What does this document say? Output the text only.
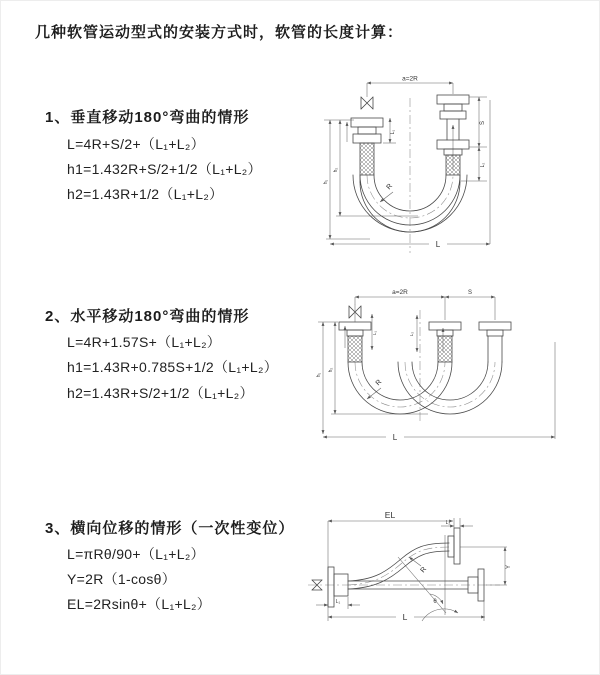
几种软管运动型式的安装方式时，软管的长度计算：
1、垂直移动180°弯曲的情形
L=4R+S/2+（L₁+L₂）
h1=1.432R+S/2+1/2（L₁+L₂）
h2=1.43R+1/2（L₁+L₂）
2、水平移动180°弯曲的情形
L=4R+1.57S+（L₁+L₂）
h1=1.43R+0.785S+1/2（L₁+L₂）
h2=1.43R+S/2+1/2（L₁+L₂）
3、横向位移的情形（一次性变位）
L=πRθ/90+（L₁+L₂）
Y=2R（1-cosθ）
EL=2Rsinθ+（L₁+L₂）
a=2R
L₁
S
L₂
h₁
h₂
R
L
a=2R	S
L₁	L₂
h₁
h₂
R
L
EL
L₂
Y
R
θ
L
L₁
